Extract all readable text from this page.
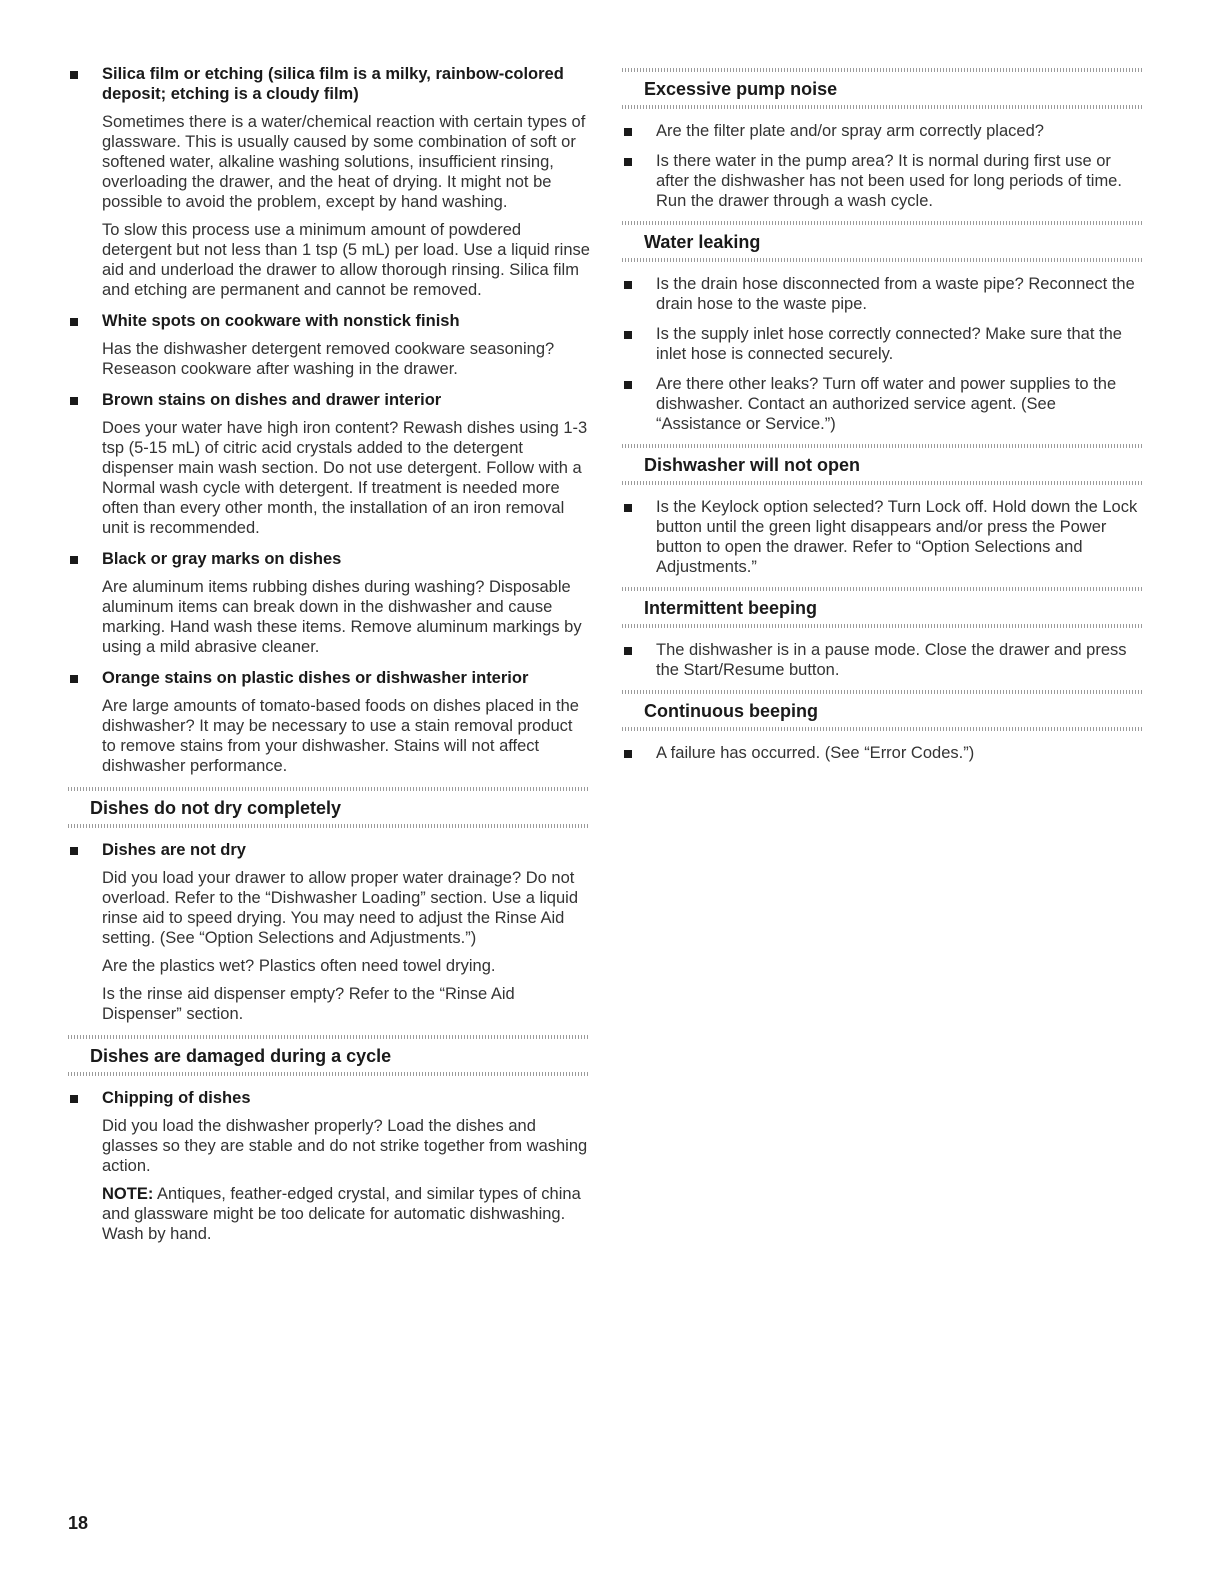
Silica film or etching (silica film is a milky, rainbow-colored deposit; etching is a cloudy film)
Sometimes there is a water/chemical reaction with certain types of glassware. This is usually caused by some combination of soft or softened water, alkaline washing solutions, insufficient rinsing, overloading the drawer, and the heat of drying. It might not be possible to avoid the problem, except by hand washing.
To slow this process use a minimum amount of powdered detergent but not less than 1 tsp (5 mL) per load. Use a liquid rinse aid and underload the drawer to allow thorough rinsing. Silica film and etching are permanent and cannot be removed.
White spots on cookware with nonstick finish
Has the dishwasher detergent removed cookware seasoning? Reseason cookware after washing in the drawer.
Brown stains on dishes and drawer interior
Does your water have high iron content? Rewash dishes using 1-3 tsp (5-15 mL) of citric acid crystals added to the detergent dispenser main wash section. Do not use detergent. Follow with a Normal wash cycle with detergent. If treatment is needed more often than every other month, the installation of an iron removal unit is recommended.
Black or gray marks on dishes
Are aluminum items rubbing dishes during washing? Disposable aluminum items can break down in the dishwasher and cause marking. Hand wash these items. Remove aluminum markings by using a mild abrasive cleaner.
Orange stains on plastic dishes or dishwasher interior
Are large amounts of tomato-based foods on dishes placed in the dishwasher? It may be necessary to use a stain removal product to remove stains from your dishwasher. Stains will not affect dishwasher performance.
Dishes do not dry completely
Dishes are not dry
Did you load your drawer to allow proper water drainage? Do not overload. Refer to the “Dishwasher Loading” section. Use a liquid rinse aid to speed drying. You may need to adjust the Rinse Aid setting. (See “Option Selections and Adjustments.”)
Are the plastics wet? Plastics often need towel drying.
Is the rinse aid dispenser empty? Refer to the “Rinse Aid Dispenser” section.
Dishes are damaged during a cycle
Chipping of dishes
Did you load the dishwasher properly? Load the dishes and glasses so they are stable and do not strike together from washing action.
NOTE: Antiques, feather-edged crystal, and similar types of china and glassware might be too delicate for automatic dishwashing. Wash by hand.
Excessive pump noise
Are the filter plate and/or spray arm correctly placed?
Is there water in the pump area? It is normal during first use or after the dishwasher has not been used for long periods of time. Run the drawer through a wash cycle.
Water leaking
Is the drain hose disconnected from a waste pipe? Reconnect the drain hose to the waste pipe.
Is the supply inlet hose correctly connected? Make sure that the inlet hose is connected securely.
Are there other leaks? Turn off water and power supplies to the dishwasher. Contact an authorized service agent. (See “Assistance or Service.”)
Dishwasher will not open
Is the Keylock option selected? Turn Lock off. Hold down the Lock button until the green light disappears and/or press the Power button to open the drawer. Refer to “Option Selections and Adjustments.”
Intermittent beeping
The dishwasher is in a pause mode. Close the drawer and press the Start/Resume button.
Continuous beeping
A failure has occurred. (See “Error Codes.”)
18
